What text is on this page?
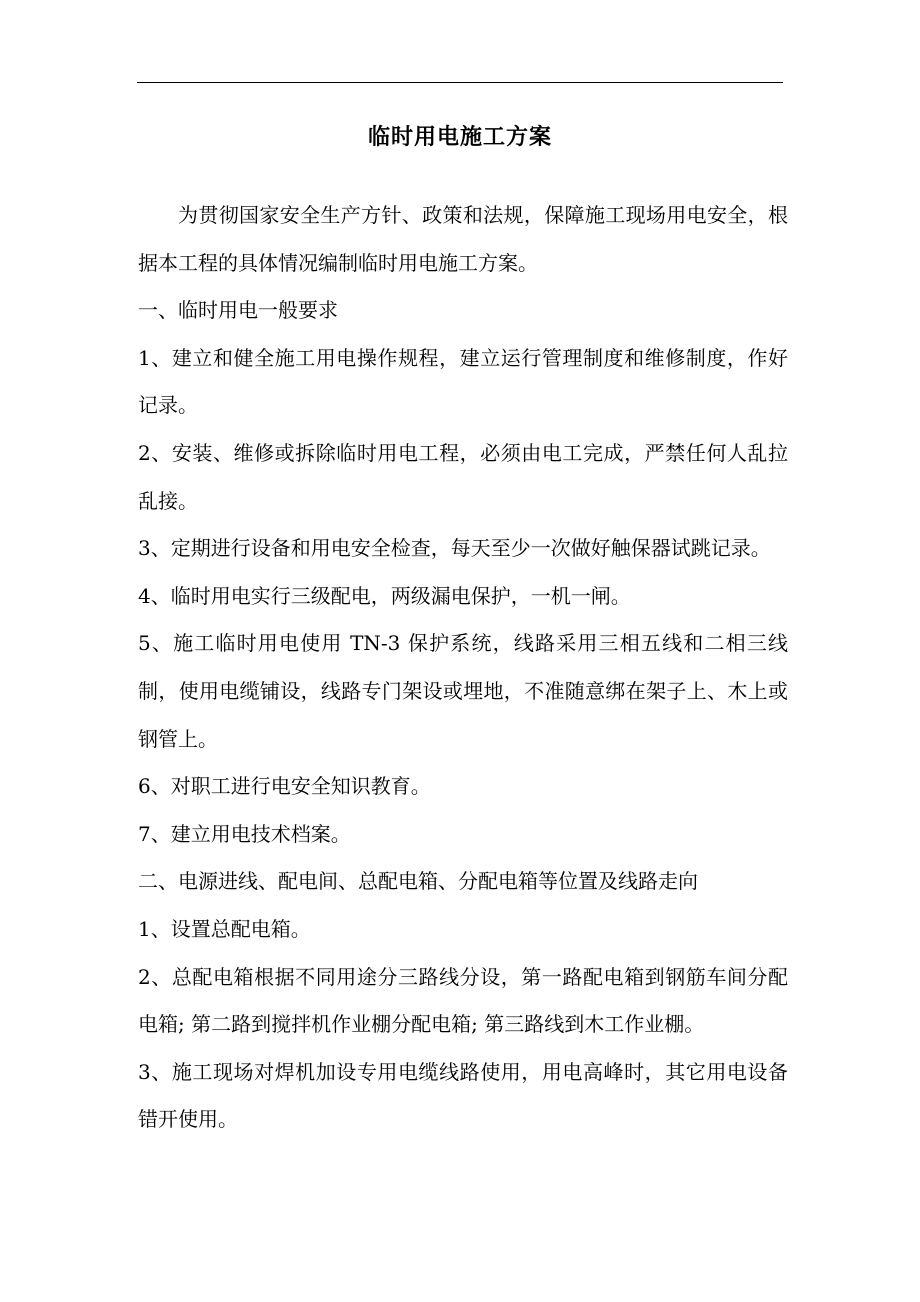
临时用电施工方案

为贯彻国家安全生产方针、政策和法规，保障施工现场用电安全，根据本工程的具体情况编制临时用电施工方案。

一、临时用电一般要求

1、建立和健全施工用电操作规程，建立运行管理制度和维修制度，作好记录。

2、安装、维修或拆除临时用电工程，必须由电工完成，严禁任何人乱拉乱接。

3、定期进行设备和用电安全检查，每天至少一次做好触保器试跳记录。

4、临时用电实行三级配电，两级漏电保护，一机一闸。

5、施工临时用电使用 TN-3 保护系统，线路采用三相五线和二相三线制，使用电缆铺设，线路专门架设或埋地，不准随意绑在架子上、木上或钢管上。

6、对职工进行电安全知识教育。

7、建立用电技术档案。

二、电源进线、配电间、总配电箱、分配电箱等位置及线路走向

1、设置总配电箱。

2、总配电箱根据不同用途分三路线分设，第一路配电箱到钢筋车间分配电箱; 第二路到搅拌机作业棚分配电箱; 第三路线到木工作业棚。

3、施工现场对焊机加设专用电缆线路使用，用电高峰时，其它用电设备错开使用。
